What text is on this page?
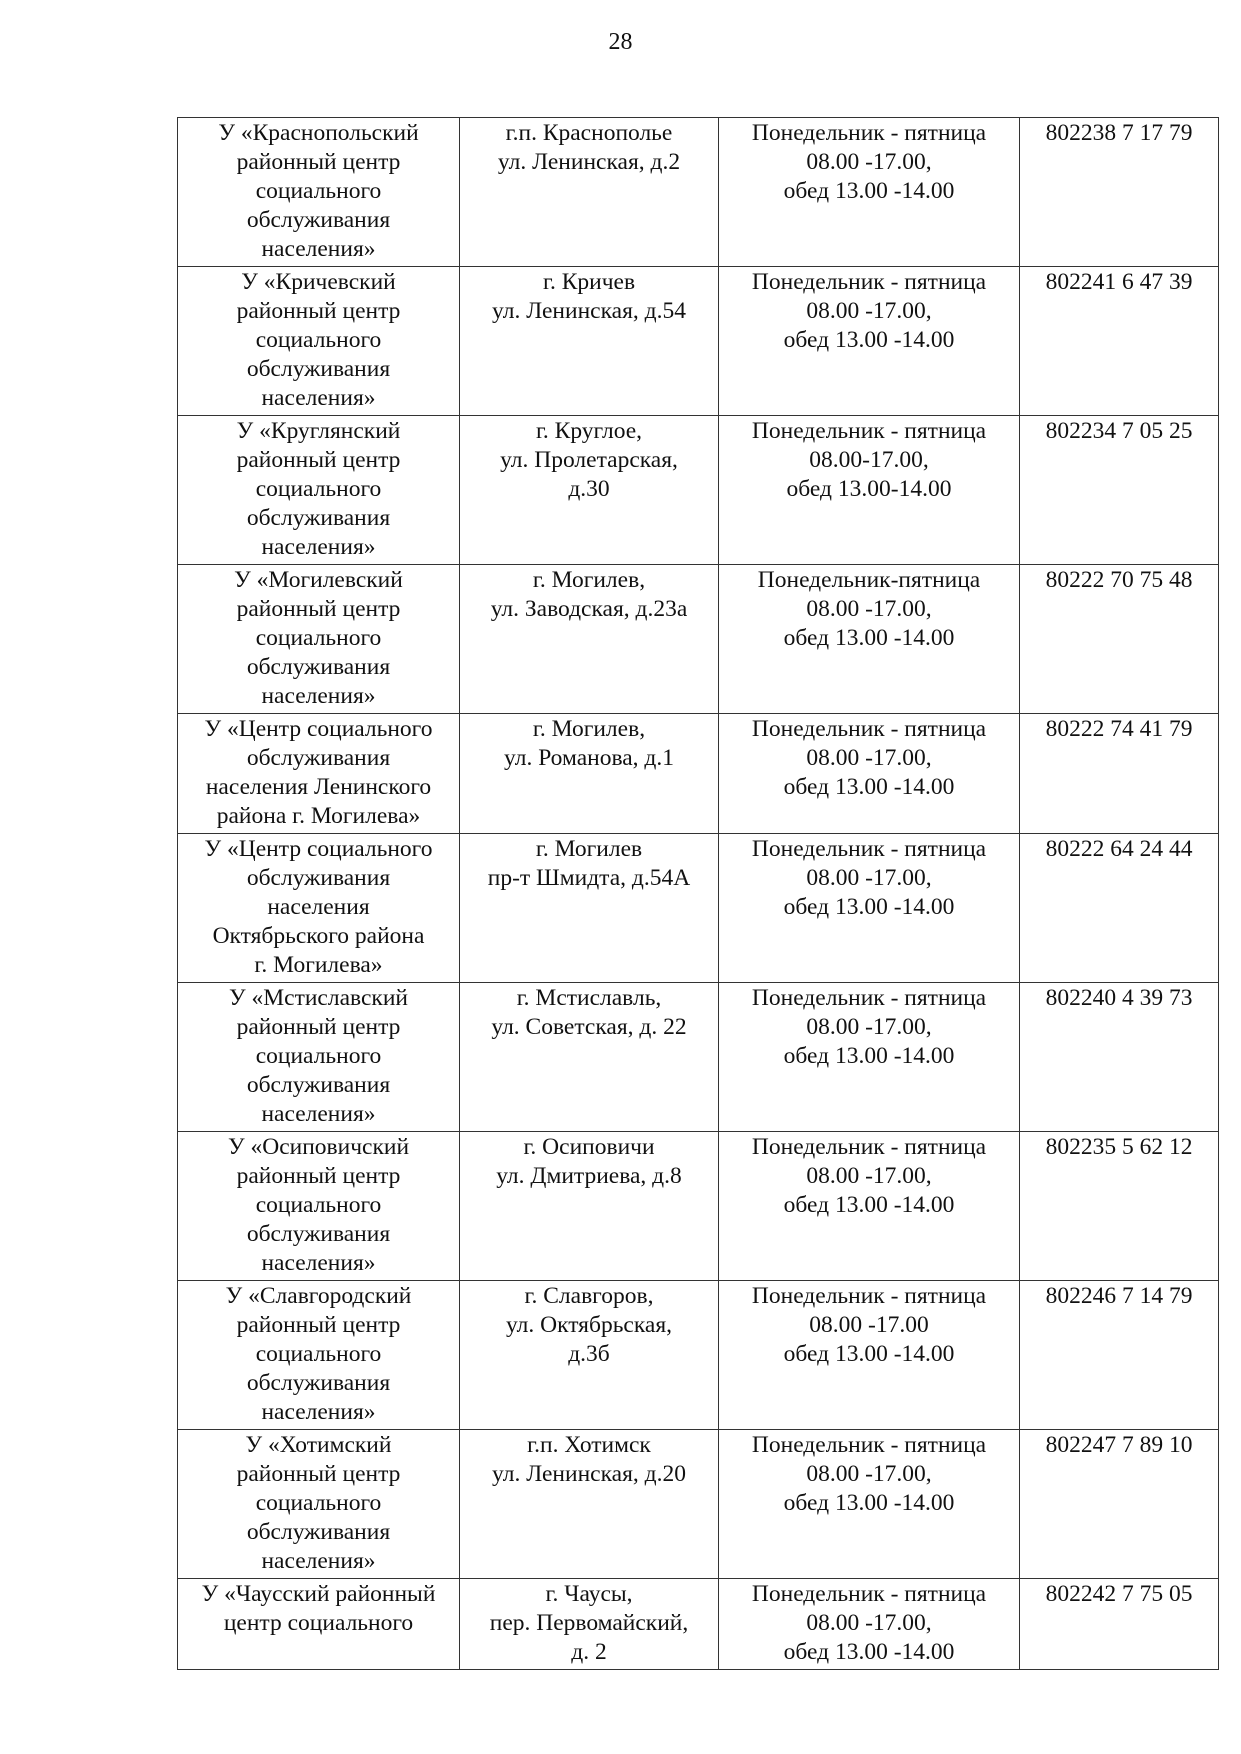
28
У «Краснопольский
районный центр
социального
обслуживания
населения»	г.п. Краснополье
ул. Ленинская, д.2	Понедельник - пятница
08.00 -17.00,
обед 13.00 -14.00	802238 7 17 79

У «Кричевский
районный центр
социального
обслуживания
населения»	г. Кричев
ул. Ленинская, д.54	Понедельник - пятница
08.00 -17.00,
обед 13.00 -14.00	802241 6 47 39

У «Круглянский
районный центр
социального
обслуживания
населения»	г. Круглое,
ул. Пролетарская,
д.30	Понедельник - пятница
08.00-17.00,
обед 13.00-14.00	802234 7 05 25

У «Могилевский
районный центр
социального
обслуживания
населения»	г. Могилев,
ул. Заводская, д.23а	Понедельник-пятница
08.00 -17.00,
обед 13.00 -14.00	80222 70 75 48

У «Центр социального
обслуживания
населения Ленинского
района г. Могилева»	г. Могилев,
ул. Романова, д.1	Понедельник - пятница
08.00 -17.00,
обед 13.00 -14.00	80222 74 41 79

У «Центр социального
обслуживания
населения
Октябрьского района
г. Могилева»	г. Могилев
пр-т Шмидта, д.54А	Понедельник - пятница
08.00 -17.00,
обед 13.00 -14.00	80222 64 24 44

У «Мстиславский
районный центр
социального
обслуживания
населения»	г. Мстиславль,
ул. Советская, д. 22	Понедельник - пятница
08.00 -17.00,
обед 13.00 -14.00	802240 4 39 73

У «Осиповичский
районный центр
социального
обслуживания
населения»	г. Осиповичи
ул. Дмитриева, д.8	Понедельник - пятница
08.00 -17.00,
обед 13.00 -14.00	802235 5 62 12

У «Славгородский
районный центр
социального
обслуживания
населения»	г. Славгоров,
ул. Октябрьская,
д.3б	Понедельник - пятница
08.00 -17.00
обед 13.00 -14.00	802246 7 14 79

У «Хотимский
районный центр
социального
обслуживания
населения»	г.п. Хотимск
ул. Ленинская, д.20	Понедельник - пятница
08.00 -17.00,
обед 13.00 -14.00	802247 7 89 10

У «Чаусский районный
центр социального	г. Чаусы,
пер. Первомайский,
д. 2	Понедельник - пятница
08.00 -17.00,
обед 13.00 -14.00	802242 7 75 05
